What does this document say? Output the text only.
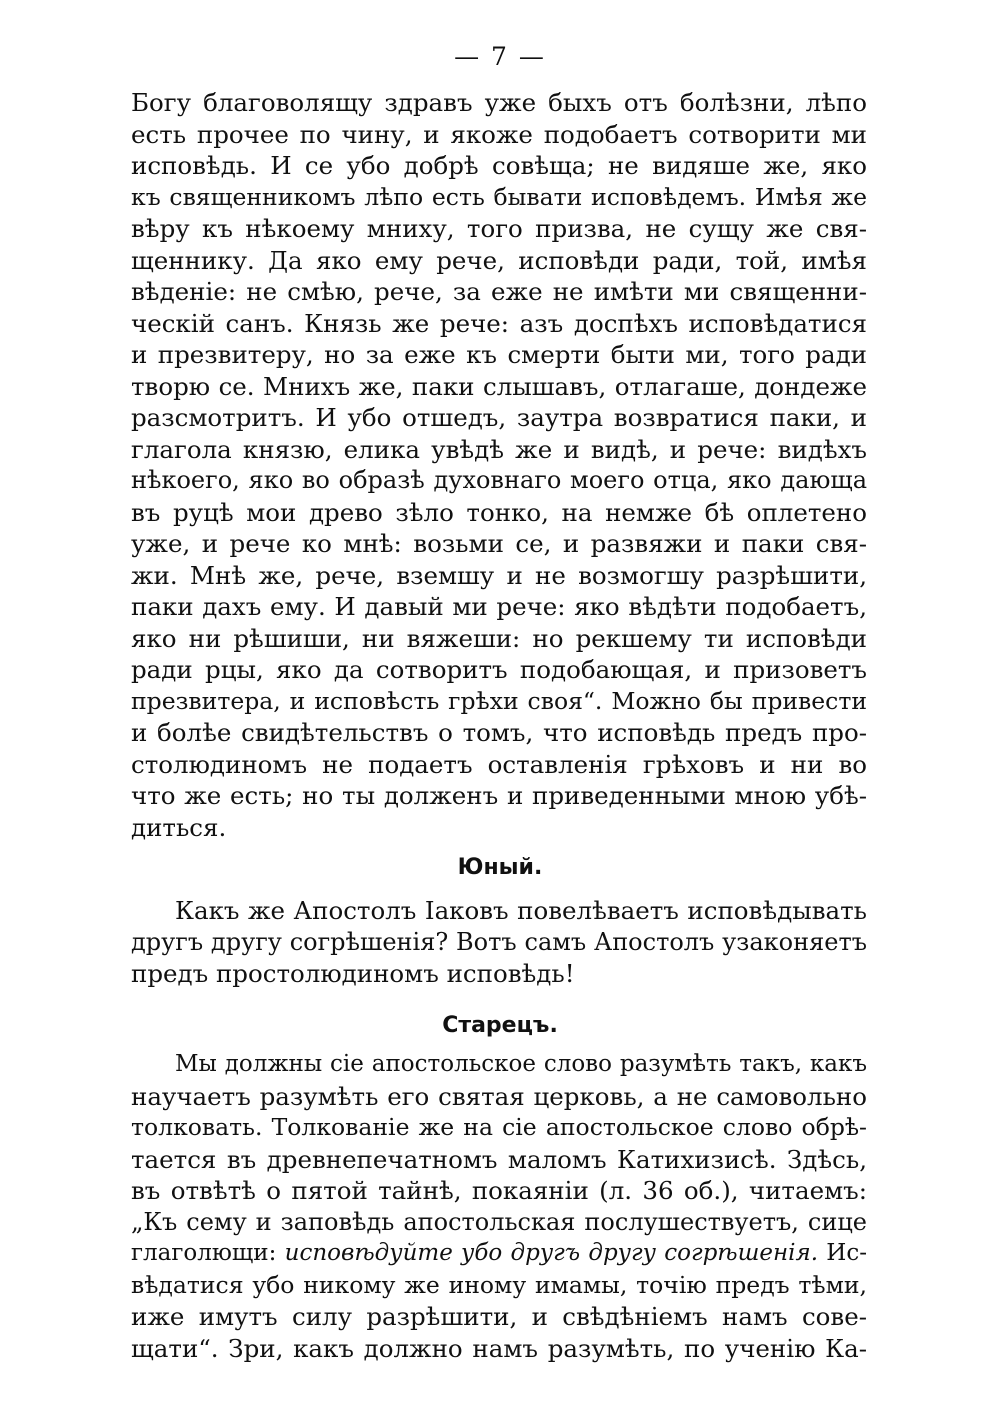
— 7 —
Богу благоволящу здравъ уже быхъ отъ болѣзни, лѣпо
есть прочее по чину, и якоже подобаетъ сотворити ми
исповѣдь. И се убо добрѣ совѣща; не видяше же, яко
къ священникомъ лѣпо есть бывати исповѣдемъ. Имѣя же
вѣру къ нѣкоему мниху, того призва, не сущу же свя-
щеннику. Да яко ему рече, исповѣди ради, той, имѣя
вѣденіе: не смѣю, рече, за еже не имѣти ми священни-
ческій санъ. Князь же рече: азъ доспѣхъ исповѣдатися
и презвитеру, но за еже къ смерти быти ми, того ради
творю се. Мнихъ же, паки слышавъ, отлагаше, дондеже
разсмотритъ. И убо отшедъ, заутра возвратися паки, и
глагола князю, елика увѣдѣ же и видѣ, и рече: видѣхъ
нѣкоего, яко во образѣ духовнаго моего отца, яко дающа
въ руцѣ мои древо зѣло тонко, на немже бѣ оплетено
уже, и рече ко мнѣ: возьми се, и развяжи и паки свя-
жи. Мнѣ же, рече, вземшу и не возмогшу разрѣшити,
паки дахъ ему. И давый ми рече: яко вѣдѣти подобаетъ,
яко ни рѣшиши, ни вяжеши: но рекшему ти исповѣди
ради рцы, яко да сотворитъ подобающая, и призоветъ
презвитера, и исповѣсть грѣхи своя“. Можно бы привести
и болѣе свидѣтельствъ о томъ, что исповѣдь предъ про-
столюдиномъ не подаетъ оставленія грѣховъ и ни во
что же есть; но ты долженъ и приведенными мною убѣ-
диться.
Юный.
Какъ же Апостолъ Іаковъ повелѣваетъ исповѣдывать
другъ другу согрѣшенія? Вотъ самъ Апостолъ узаконяетъ
предъ простолюдиномъ исповѣдь!
Старецъ.
Мы должны сіе апостольское слово разумѣть такъ, какъ
научаетъ разумѣть его святая церковь, а не самовольно
толковать. Толкованіе же на сіе апостольское слово обрѣ-
тается въ древнепечатномъ маломъ Катихизисѣ. Здѣсь,
въ отвѣтѣ о пятой тайнѣ, покаяніи (л. 36 об.), читаемъ:
„Къ сему и заповѣдь апостольская послушествуетъ, сице
глаголющи: исповѣдуйте убо другъ другу согрѣшенія. Ис-
вѣдатися убо никому же иному имамы, точію предъ тѣми,
иже имутъ силу разрѣшити, и свѣдѣніемъ намъ сове-
щати“. Зри, какъ должно намъ разумѣть, по ученію Ка-
